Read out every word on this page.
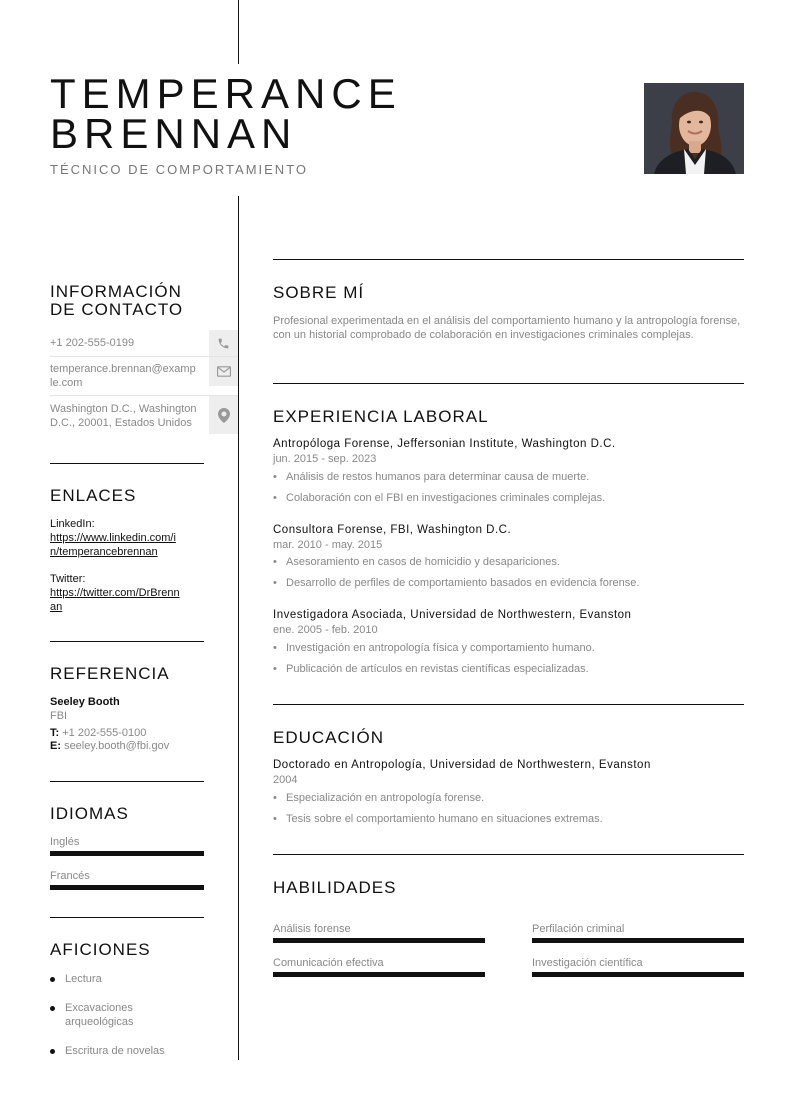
TEMPERANCE
BRENNAN
TÉCNICO DE COMPORTAMIENTO
INFORMACIÓN
DE CONTACTO
+1 202-555-0199
temperance.brennan@examp
le.com
Washington D.C., Washington
D.C., 20001, Estados Unidos
ENLACES
LinkedIn:
https://www.linkedin.com/i
n/temperancebrennan
Twitter:
https://twitter.com/DrBrenn
an
REFERENCIA
Seeley Booth
FBI
T: +1 202-555-0100
E: seeley.booth@fbi.gov
IDIOMAS
Inglés
Francés
AFICIONES
Lectura
Excavaciones
arqueológicas
Escritura de novelas
SOBRE MÍ
Profesional experimentada en el análisis del comportamiento humano y la antropología forense, con un historial comprobado de colaboración en investigaciones criminales complejas.
EXPERIENCIA LABORAL
Antropóloga Forense, Jeffersonian Institute, Washington D.C.
jun. 2015 - sep. 2023
• Análisis de restos humanos para determinar causa de muerte.
• Colaboración con el FBI en investigaciones criminales complejas.
Consultora Forense, FBI, Washington D.C.
mar. 2010 - may. 2015
• Asesoramiento en casos de homicidio y desapariciones.
• Desarrollo de perfiles de comportamiento basados en evidencia forense.
Investigadora Asociada, Universidad de Northwestern, Evanston
ene. 2005 - feb. 2010
• Investigación en antropología física y comportamiento humano.
• Publicación de artículos en revistas científicas especializadas.
EDUCACIÓN
Doctorado en Antropología, Universidad de Northwestern, Evanston
2004
• Especialización en antropología forense.
• Tesis sobre el comportamiento humano en situaciones extremas.
HABILIDADES
Análisis forense	Perfilación criminal
Comunicación efectiva	Investigación científica
